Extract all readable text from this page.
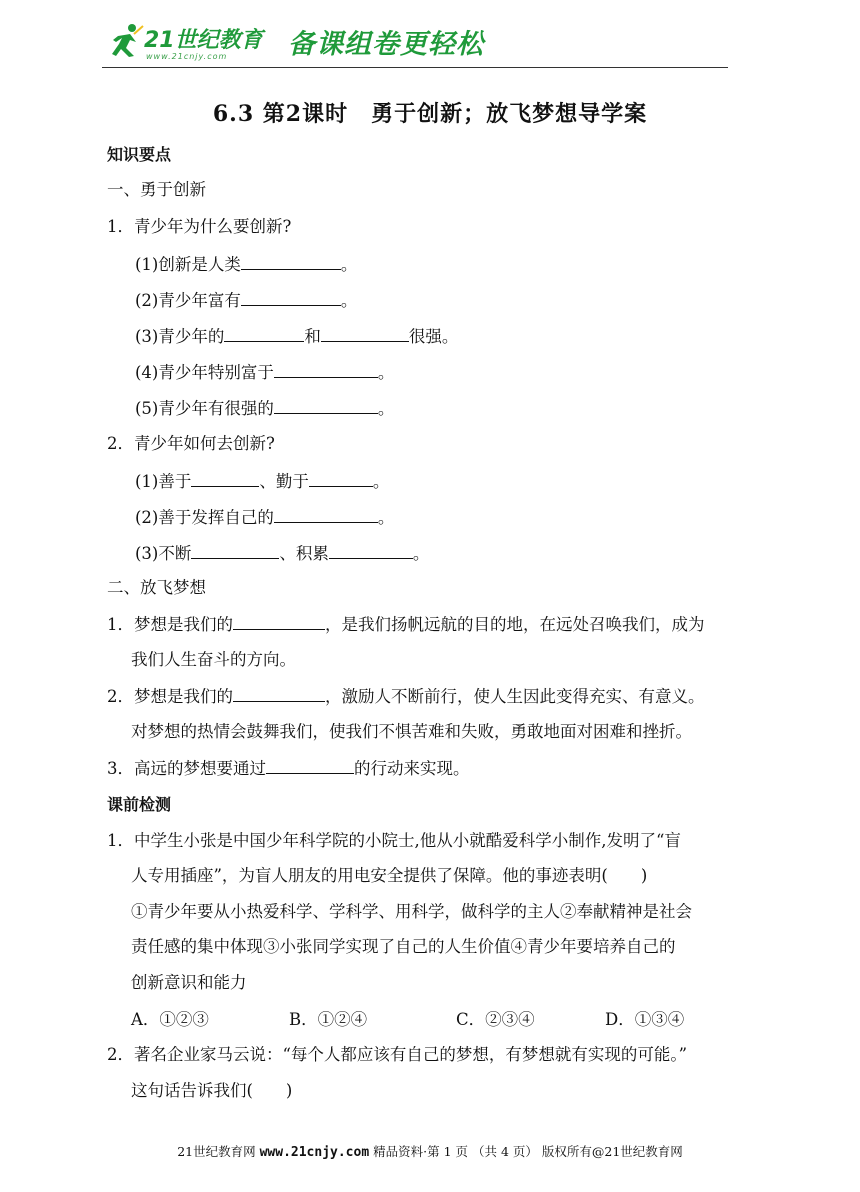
21世纪教育
www.21cnjy.com 备课组卷更轻松
6.3 第2课时　勇于创新；放飞梦想导学案
知识要点
一、勇于创新
1．青少年为什么要创新?
(1)创新是人类	。
(2)青少年富有	。
(3)青少年的	和	很强。
(4)青少年特别富于	。
(5)青少年有很强的	。
2．青少年如何去创新?
(1)善于	、勤于	。
(2)善于发挥自己的	。
(3)不断	、积累	。
二、放飞梦想
1．梦想是我们的	，是我们扬帆远航的目的地，在远处召唤我们，成为
我们人生奋斗的方向。
2．梦想是我们的	，激励人不断前行，使人生因此变得充实、有意义。
对梦想的热情会鼓舞我们，使我们不惧苦难和失败，勇敢地面对困难和挫折。
3．高远的梦想要通过	的行动来实现。
课前检测
1．中学生小张是中国少年科学院的小院士,他从小就酷爱科学小制作,发明了“盲
人专用插座”，为盲人朋友的用电安全提供了保障。他的事迹表明(　　)
①青少年要从小热爱科学、学科学、用科学，做科学的主人②奉献精神是社会
责任感的集中体现③小张同学实现了自己的人生价值④青少年要培养自己的
创新意识和能力
A．①②③	B．①②④	C．②③④	D．①③④
2．著名企业家马云说：“每个人都应该有自己的梦想，有梦想就有实现的可能。”
这句话告诉我们(　　)
21世纪教育网 www.21cnjy.com 精品资料·第 1 页 （共 4 页） 版权所有@21世纪教育网
